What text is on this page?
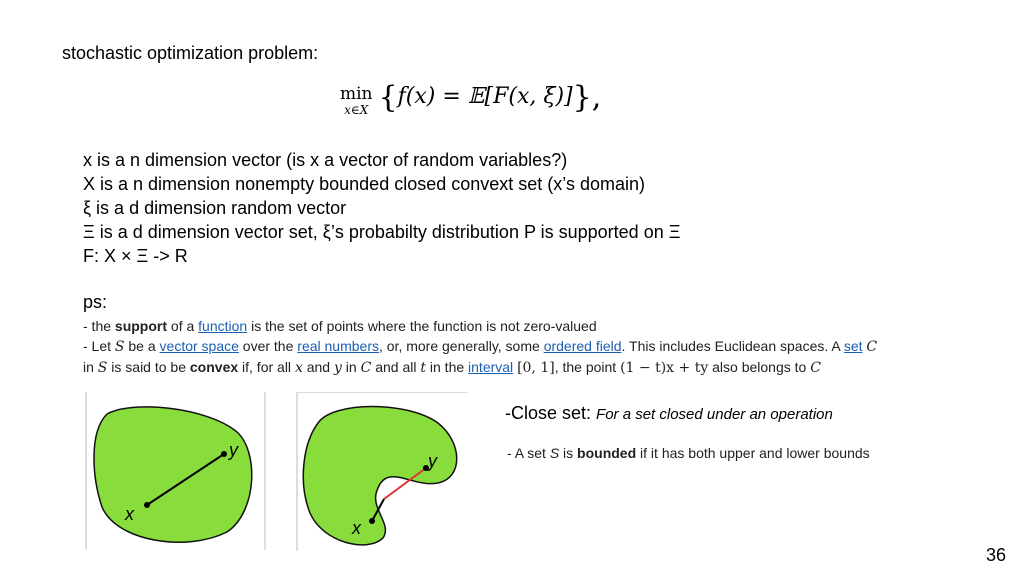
stochastic optimization problem:
min
x∈X {f(x) = 𝔼[F(x, ξ)]},
x is a n dimension vector (is x a vector of random variables?)
X is a n dimension nonempty bounded closed convext set (x’s domain)
ξ is a d dimension random vector
Ξ is a d dimension vector set, ξ’s probabilty distribution P is supported on Ξ
F: X × Ξ -> R
ps:
- the support of a function is the set of points where the function is not zero-valued
- Let S be a vector space over the real numbers, or, more generally, some ordered field. This includes Euclidean spaces. A set C
in S is said to be convex if, for all x and y in C and all t in the interval [0, 1], the point (1 − t)x + ty also belongs to C
x
y
x
y
-Close set: For a set closed under an operation
- A set S is bounded if it has both upper and lower bounds
36
